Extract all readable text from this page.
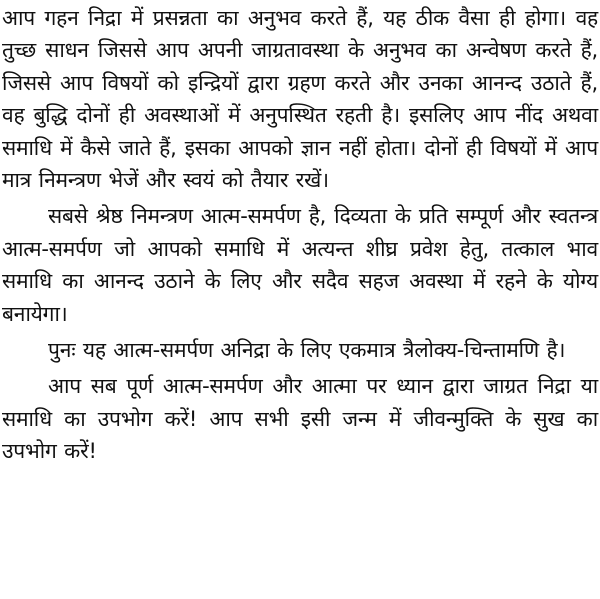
आप गहन निद्रा में प्रसन्नता का अनुभव करते हैं, यह ठीक वैसा ही होगा। वह तुच्छ साधन जिससे आप अपनी जाग्रतावस्था के अनुभव का अन्वेषण करते हैं, जिससे आप विषयों को इन्द्रियों द्वारा ग्रहण करते और उनका आनन्द उठाते हैं, वह बुद्धि दोनों ही अवस्थाओं में अनुपस्थित रहती है। इसलिए आप नींद अथवा समाधि में कैसे जाते हैं, इसका आपको ज्ञान नहीं होता। दोनों ही विषयों में आप मात्र निमन्त्रण भेजें और स्वयं को तैयार रखें।

सबसे श्रेष्ठ निमन्त्रण आत्म-समर्पण है, दिव्यता के प्रति सम्पूर्ण और स्वतन्त्र आत्म-समर्पण जो आपको समाधि में अत्यन्त शीघ्र प्रवेश हेतु, तत्काल भाव समाधि का आनन्द उठाने के लिए और सदैव सहज अवस्था में रहने के योग्य बनायेगा।

पुनः यह आत्म-समर्पण अनिद्रा के लिए एकमात्र त्रैलोक्य-चिन्तामणि है।

आप सब पूर्ण आत्म-समर्पण और आत्मा पर ध्यान द्वारा जाग्रत निद्रा या समाधि का उपभोग करें! आप सभी इसी जन्म में जीवन्मुक्ति के सुख का उपभोग करें!
